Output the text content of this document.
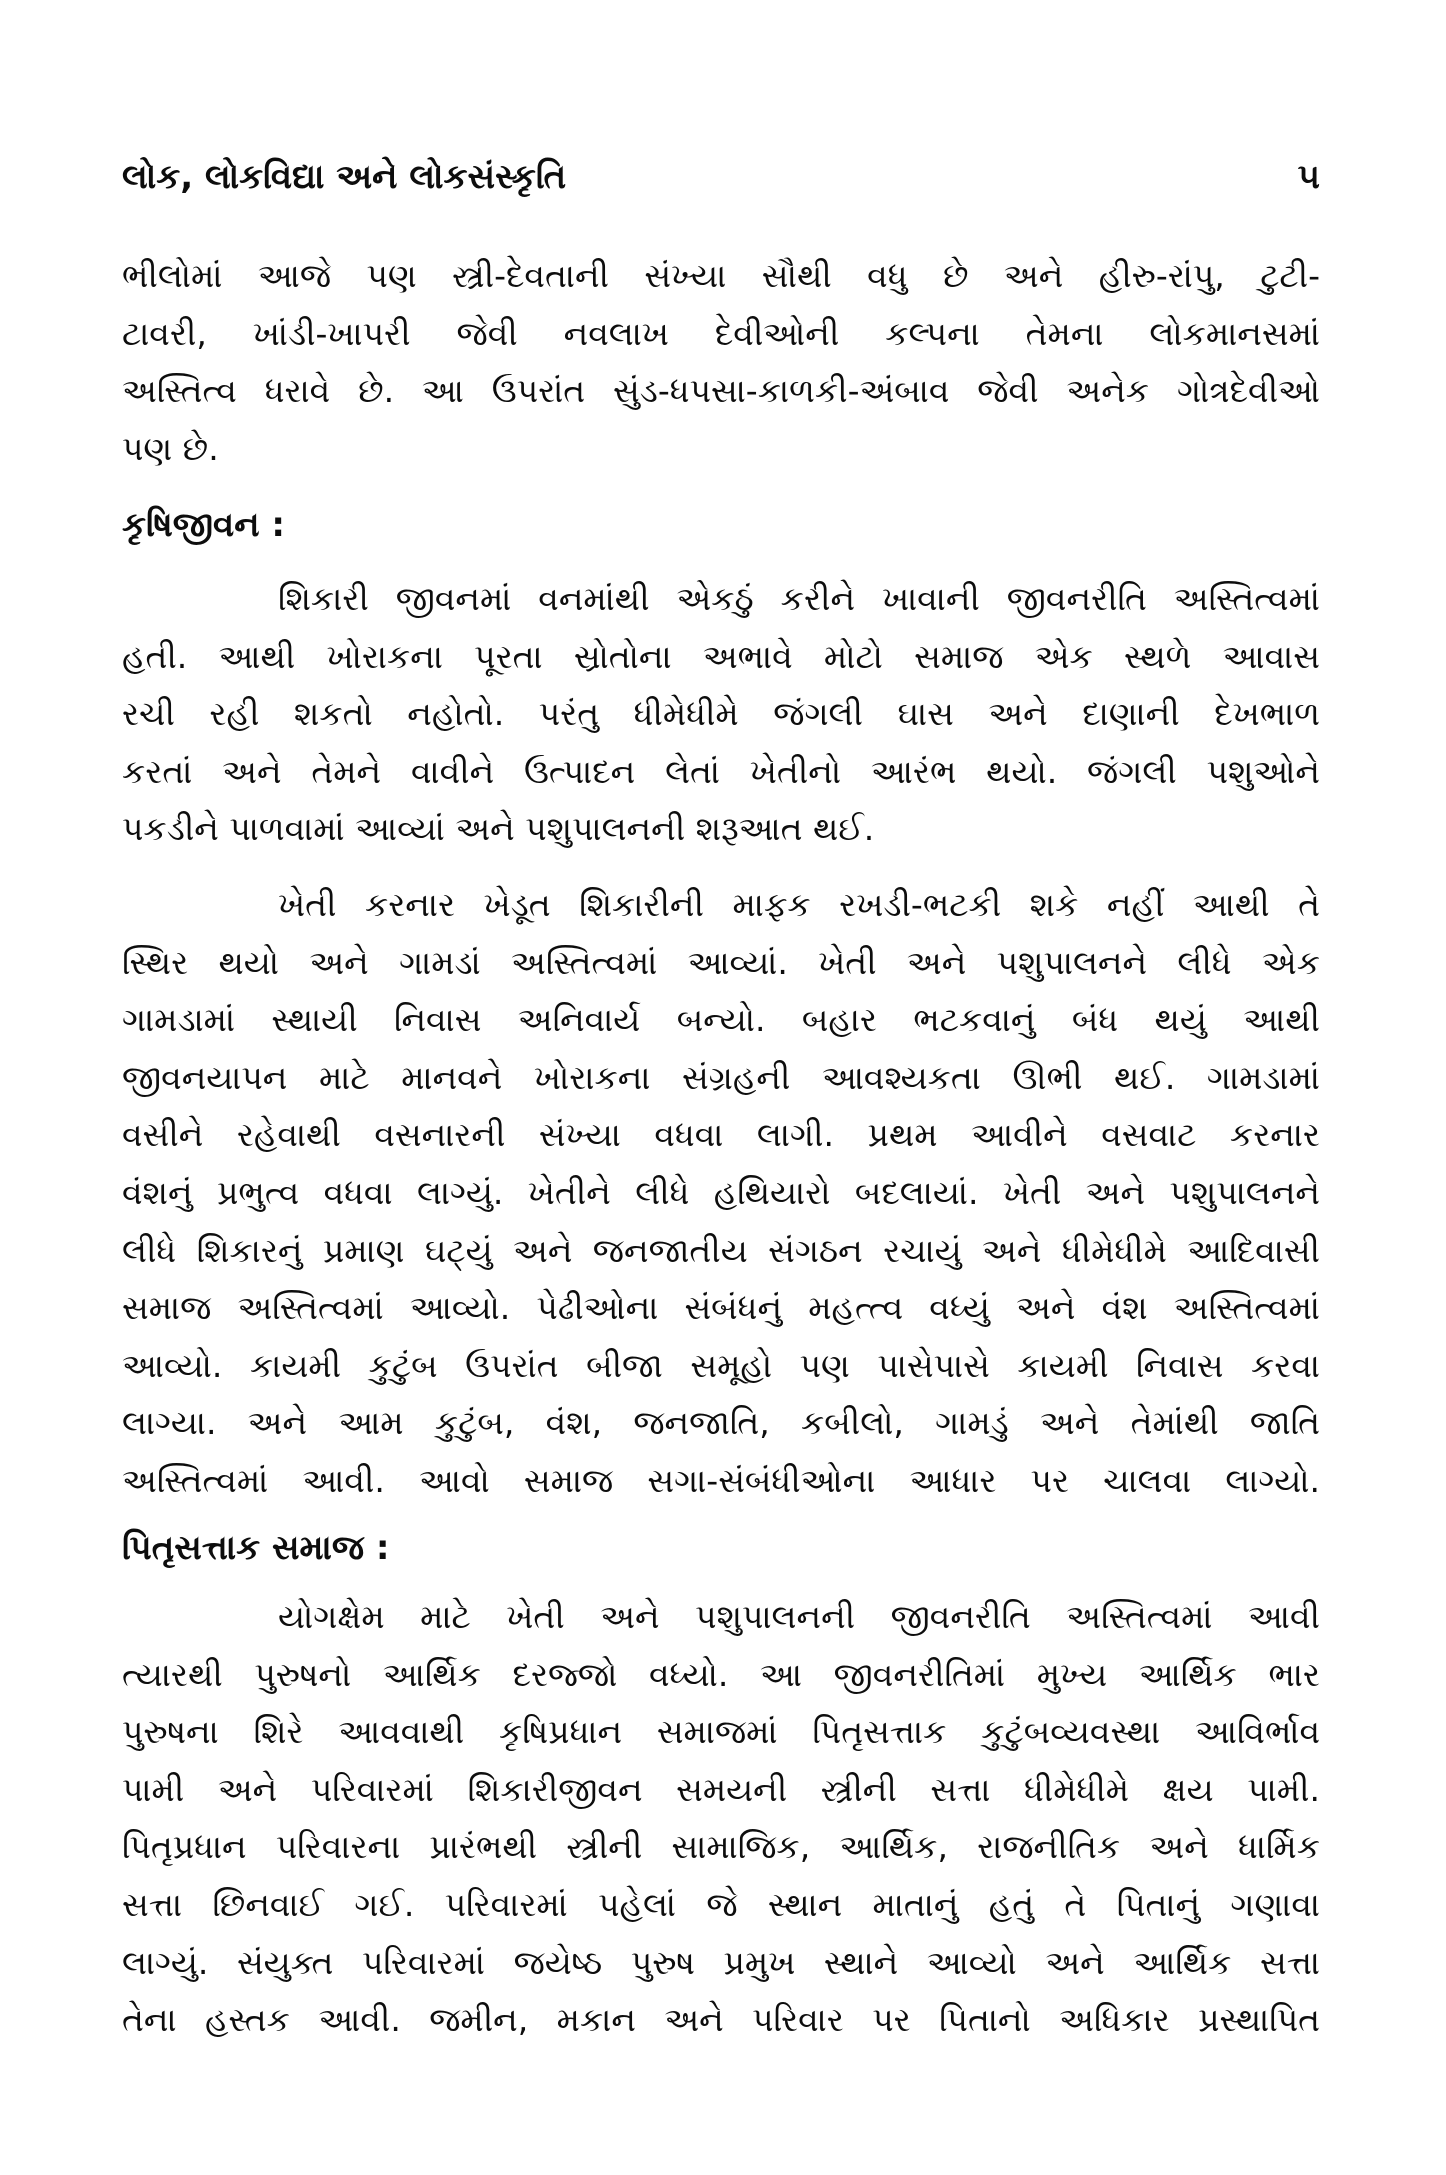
લોક, લોકવિદ્યા અને લોકસંસ્કૃતિ	૫
ભીલોમાં આજે પણ સ્ત્રી-દેવતાની સંખ્યા સૌથી વધુ છે અને હીરુ-રાંપુ, ટુટી-
ટાવરી, ખાંડી-ખાપરી જેવી નવલાખ દેવીઓની કલ્પના તેમના લોકમાનસમાં
અસ્તિત્વ ધરાવે છે. આ ઉપરાંત સુંડ-ધપસા-કાળકી-અંબાવ જેવી અનેક ગોત્રદેવીઓ
પણ છે.
કૃષિજીવન :
શિકારી જીવનમાં વનમાંથી એકઠું કરીને ખાવાની જીવનરીતિ અસ્તિત્વમાં
હતી. આથી ખોરાકના પૂરતા સ્રોતોના અભાવે મોટો સમાજ એક સ્થળે આવાસ
રચી રહી શકતો નહોતો. પરંતુ ધીમેધીમે જંગલી ઘાસ અને દાણાની દેખભાળ
કરતાં અને તેમને વાવીને ઉત્પાદન લેતાં ખેતીનો આરંભ થયો. જંગલી પશુઓને
પકડીને પાળવામાં આવ્યાં અને પશુપાલનની શરૂઆત થઈ.
ખેતી કરનાર ખેડૂત શિકારીની માફક રખડી-ભટકી શકે નહીં આથી તે
સ્થિર થયો અને ગામડાં અસ્તિત્વમાં આવ્યાં. ખેતી અને પશુપાલનને લીધે એક
ગામડામાં સ્થાયી નિવાસ અનિવાર્ય બન્યો. બહાર ભટકવાનું બંધ થયું આથી
જીવનયાપન માટે માનવને ખોરાકના સંગ્રહની આવશ્યકતા ઊભી થઈ. ગામડામાં
વસીને રહેવાથી વસનારની સંખ્યા વધવા લાગી. પ્રથમ આવીને વસવાટ કરનાર
વંશનું પ્રભુત્વ વધવા લાગ્યું. ખેતીને લીધે હથિયારો બદલાયાં. ખેતી અને પશુપાલનને
લીધે શિકારનું પ્રમાણ ઘટ્યું અને જનજાતીય સંગઠન રચાયું અને ધીમેધીમે આદિવાસી
સમાજ અસ્તિત્વમાં આવ્યો. પેઢીઓના સંબંધનું મહત્ત્વ વધ્યું અને વંશ અસ્તિત્વમાં
આવ્યો. કાયમી કુટુંબ ઉપરાંત બીજા સમૂહો પણ પાસેપાસે કાયમી નિવાસ કરવા
લાગ્યા. અને આમ કુટુંબ, વંશ, જનજાતિ, કબીલો, ગામડું અને તેમાંથી જાતિ
અસ્તિત્વમાં આવી. આવો સમાજ સગા-સંબંધીઓના આધાર પર ચાલવા લાગ્યો.
પિતૃસત્તાક સમાજ :
યોગક્ષેમ માટે ખેતી અને પશુપાલનની જીવનરીતિ અસ્તિત્વમાં આવી
ત્યારથી પુરુષનો આર્થિક દરજ્જો વધ્યો. આ જીવનરીતિમાં મુખ્ય આર્થિક ભાર
પુરુષના શિરે આવવાથી કૃષિપ્રધાન સમાજમાં પિતૃસત્તાક કુટુંબવ્યવસ્થા આવિર્ભાવ
પામી અને પરિવારમાં શિકારીજીવન સમયની સ્ત્રીની સત્તા ધીમેધીમે ક્ષય પામી.
પિતૃપ્રધાન પરિવારના પ્રારંભથી સ્ત્રીની સામાજિક, આર્થિક, રાજનીતિક અને ધાર્મિક
સત્તા છિનવાઈ ગઈ. પરિવારમાં પહેલાં જે સ્થાન માતાનું હતું તે પિતાનું ગણાવા
લાગ્યું. સંયુક્ત પરિવારમાં જયેષ્ઠ પુરુષ પ્રમુખ સ્થાને આવ્યો અને આર્થિક સત્તા
તેના હસ્તક આવી. જમીન, મકાન અને પરિવાર પર પિતાનો અધિકાર પ્રસ્થાપિત
